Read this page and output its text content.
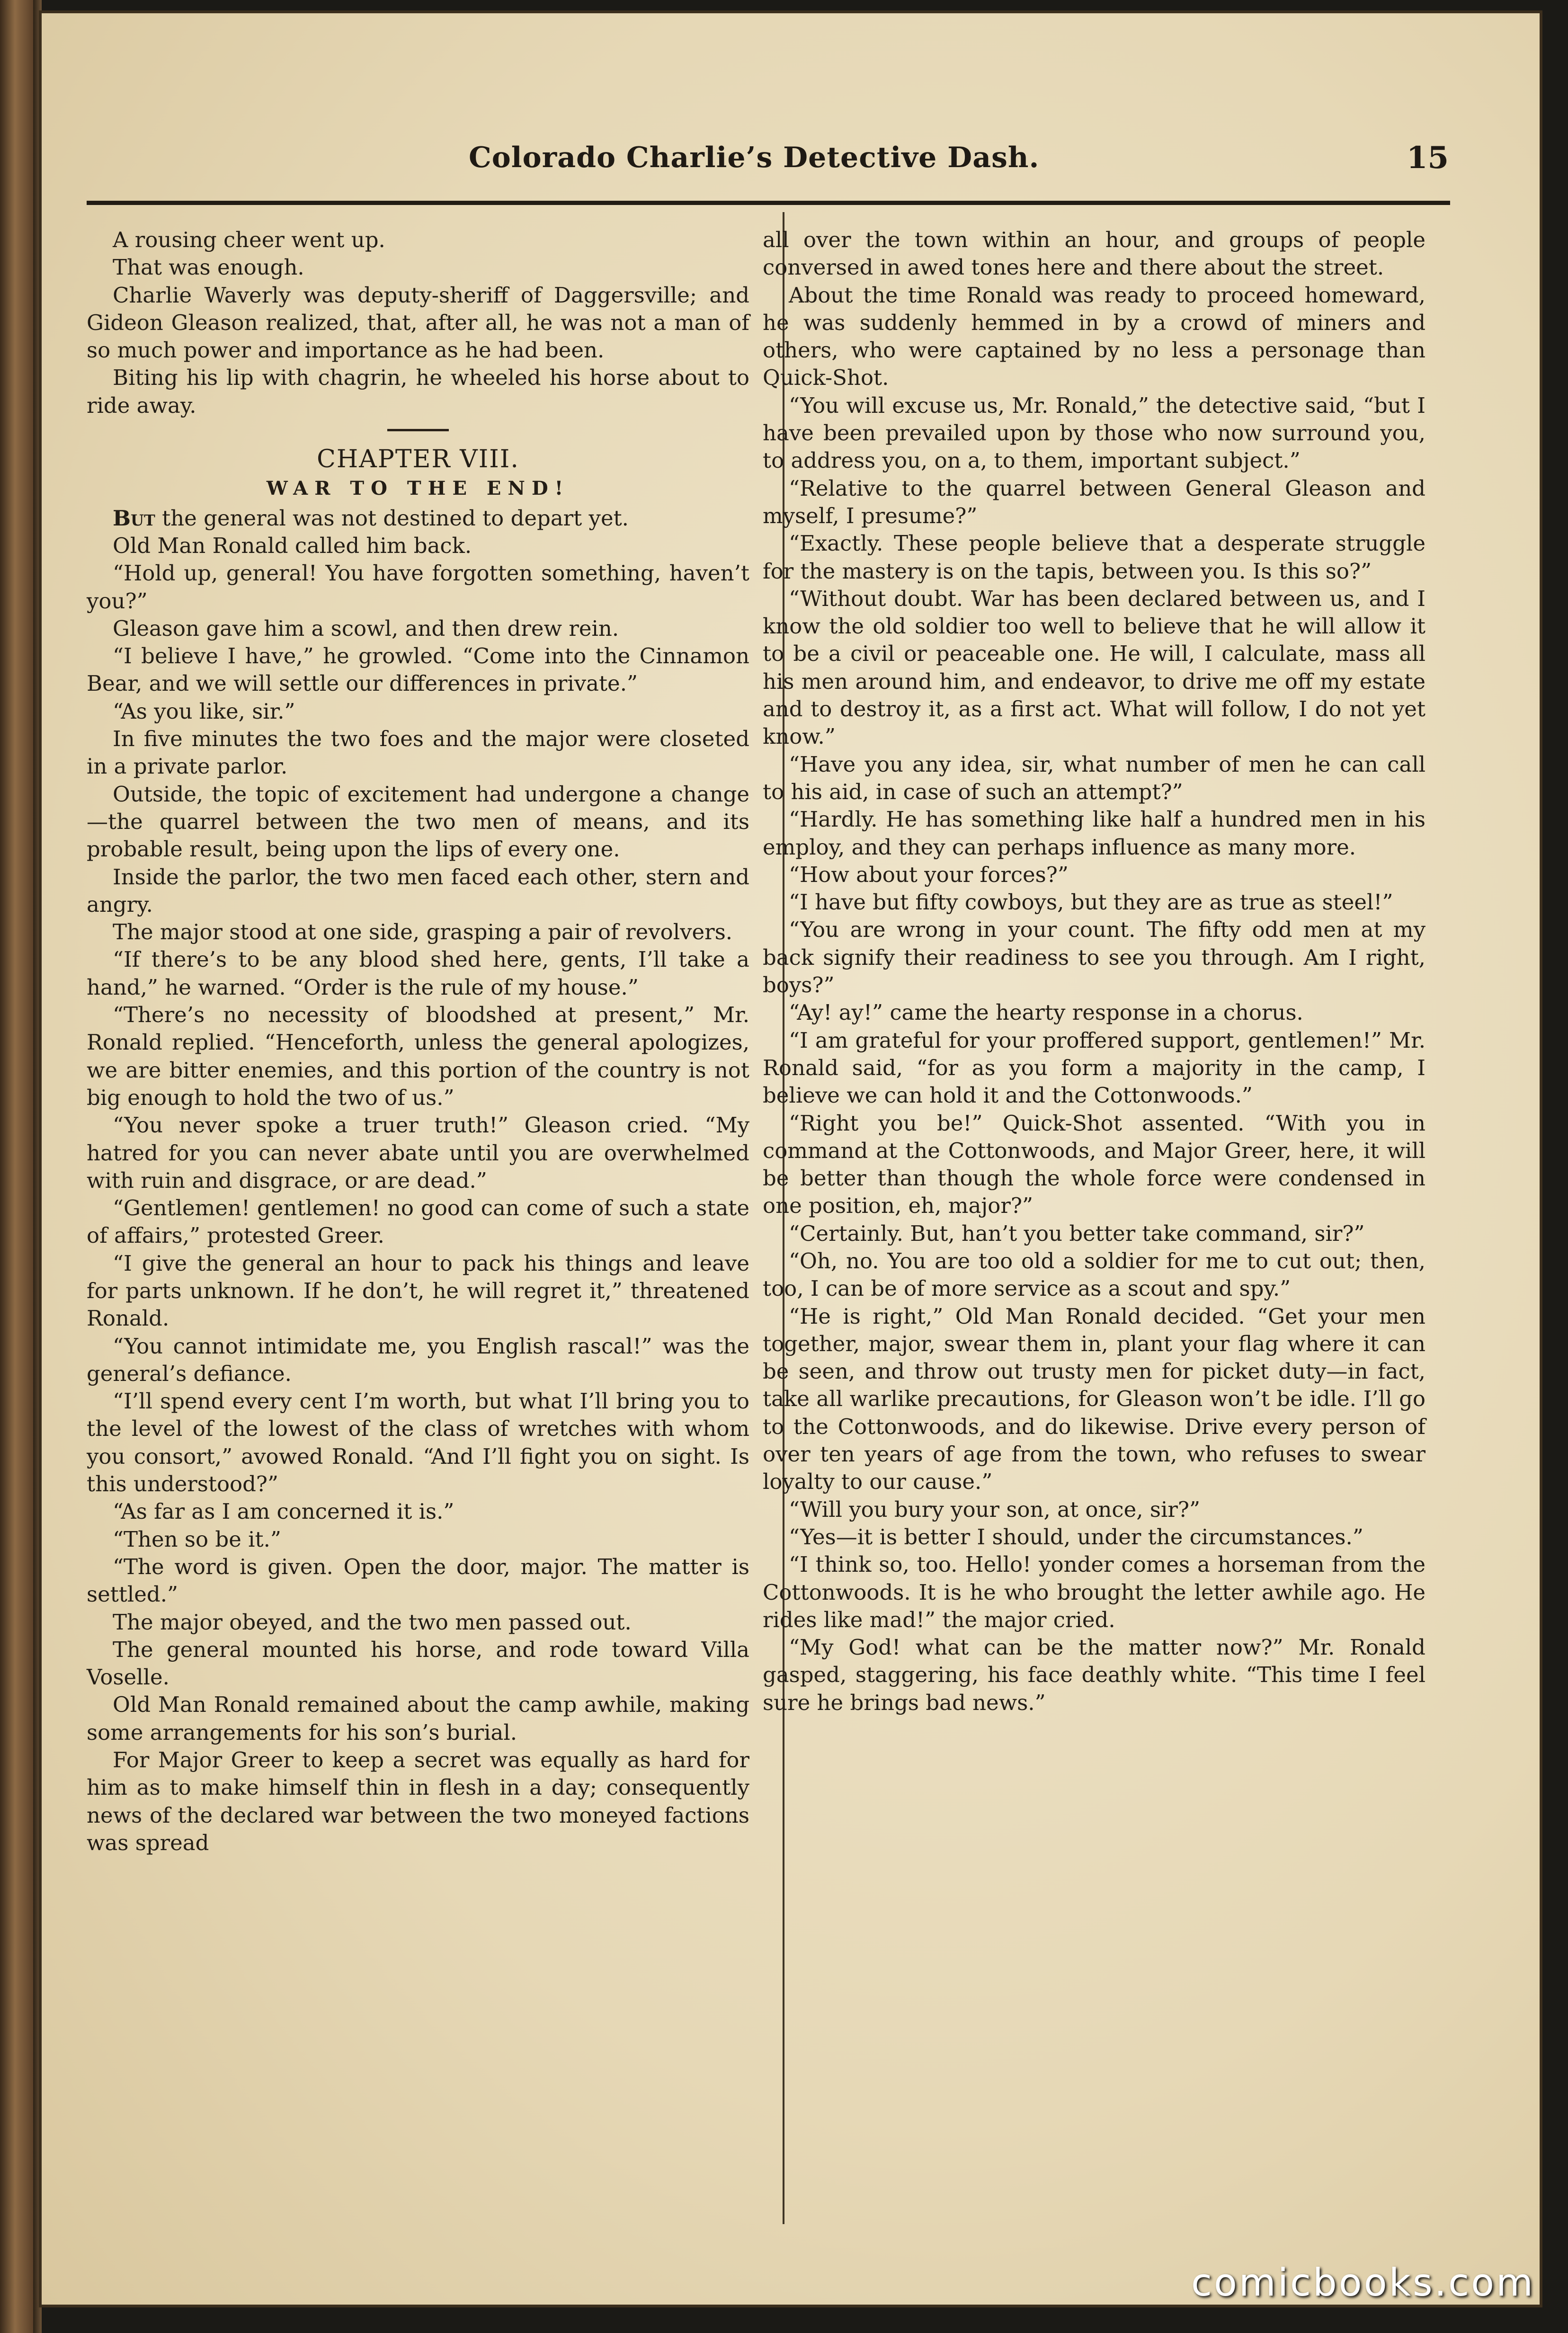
Colorado Charlie’s Detective Dash.	15

A rousing cheer went up.

That was enough.

Charlie Waverly was deputy-sheriff of Daggersville; and Gideon Gleason realized, that, after all, he was not a man of so much power and importance as he had been.

Biting his lip with chagrin, he wheeled his horse about to ride away.

CHAPTER VIII.

WAR TO THE END!

But the general was not destined to depart yet.

Old Man Ronald called him back.

“Hold up, general! You have forgotten something, haven’t you?”

Gleason gave him a scowl, and then drew rein.

“I believe I have,” he growled. “Come into the Cinnamon Bear, and we will settle our differences in private.”

“As you like, sir.”

In five minutes the two foes and the major were closeted in a private parlor.

Outside, the topic of excitement had undergone a change—the quarrel between the two men of means, and its probable result, being upon the lips of every one.

Inside the parlor, the two men faced each other, stern and angry.

The major stood at one side, grasping a pair of revolvers.

“If there’s to be any blood shed here, gents, I’ll take a hand,” he warned. “Order is the rule of my house.”

“There’s no necessity of bloodshed at present,” Mr. Ronald replied. “Henceforth, unless the general apologizes, we are bitter enemies, and this portion of the country is not big enough to hold the two of us.”

“You never spoke a truer truth!” Gleason cried. “My hatred for you can never abate until you are overwhelmed with ruin and disgrace, or are dead.”

“Gentlemen! gentlemen! no good can come of such a state of affairs,” protested Greer.

“I give the general an hour to pack his things and leave for parts unknown. If he don’t, he will regret it,” threatened Ronald.

“You cannot intimidate me, you English rascal!” was the general’s defiance.

“I’ll spend every cent I’m worth, but what I’ll bring you to the level of the lowest of the class of wretches with whom you consort,” avowed Ronald. “And I’ll fight you on sight. Is this understood?”

“As far as I am concerned it is.”

“Then so be it.”

“The word is given. Open the door, major. The matter is settled.”

The major obeyed, and the two men passed out.

The general mounted his horse, and rode toward Villa Voselle.

Old Man Ronald remained about the camp awhile, making some arrangements for his son’s burial.

For Major Greer to keep a secret was equally as hard for him as to make himself thin in flesh in a day; consequently news of the declared war between the two moneyed factions was spread

all over the town within an hour, and groups of people conversed in awed tones here and there about the street.

About the time Ronald was ready to proceed homeward, he was suddenly hemmed in by a crowd of miners and others, who were captained by no less a personage than Quick-Shot.

“You will excuse us, Mr. Ronald,” the detective said, “but I have been prevailed upon by those who now surround you, to address you, on a, to them, important subject.”

“Relative to the quarrel between General Gleason and myself, I presume?”

“Exactly. These people believe that a desperate struggle for the mastery is on the tapis, between you. Is this so?”

“Without doubt. War has been declared between us, and I know the old soldier too well to believe that he will allow it to be a civil or peaceable one. He will, I calculate, mass all his men around him, and endeavor, to drive me off my estate and to destroy it, as a first act. What will follow, I do not yet know.”

“Have you any idea, sir, what number of men he can call to his aid, in case of such an attempt?”

“Hardly. He has something like half a hundred men in his employ, and they can perhaps influence as many more.

“How about your forces?”

“I have but fifty cowboys, but they are as true as steel!”

“You are wrong in your count. The fifty odd men at my back signify their readiness to see you through. Am I right, boys?”

“Ay! ay!” came the hearty response in a chorus.

“I am grateful for your proffered support, gentlemen!” Mr. Ronald said, “for as you form a majority in the camp, I believe we can hold it and the Cottonwoods.”

“Right you be!” Quick-Shot assented. “With you in command at the Cottonwoods, and Major Greer, here, it will be better than though the whole force were condensed in one position, eh, major?”

“Certainly. But, han’t you better take command, sir?”

“Oh, no. You are too old a soldier for me to cut out; then, too, I can be of more service as a scout and spy.”

“He is right,” Old Man Ronald decided. “Get your men together, major, swear them in, plant your flag where it can be seen, and throw out trusty men for picket duty—in fact, take all warlike precautions, for Gleason won’t be idle. I’ll go to the Cottonwoods, and do likewise. Drive every person of over ten years of age from the town, who refuses to swear loyalty to our cause.”

“Will you bury your son, at once, sir?”

“Yes—it is better I should, under the circumstances.”

“I think so, too. Hello! yonder comes a horseman from the Cottonwoods. It is he who brought the letter awhile ago. He rides like mad!” the major cried.

“My God! what can be the matter now?” Mr. Ronald gasped, staggering, his face deathly white. “This time I feel sure he brings bad news.”

comicbooks.com
